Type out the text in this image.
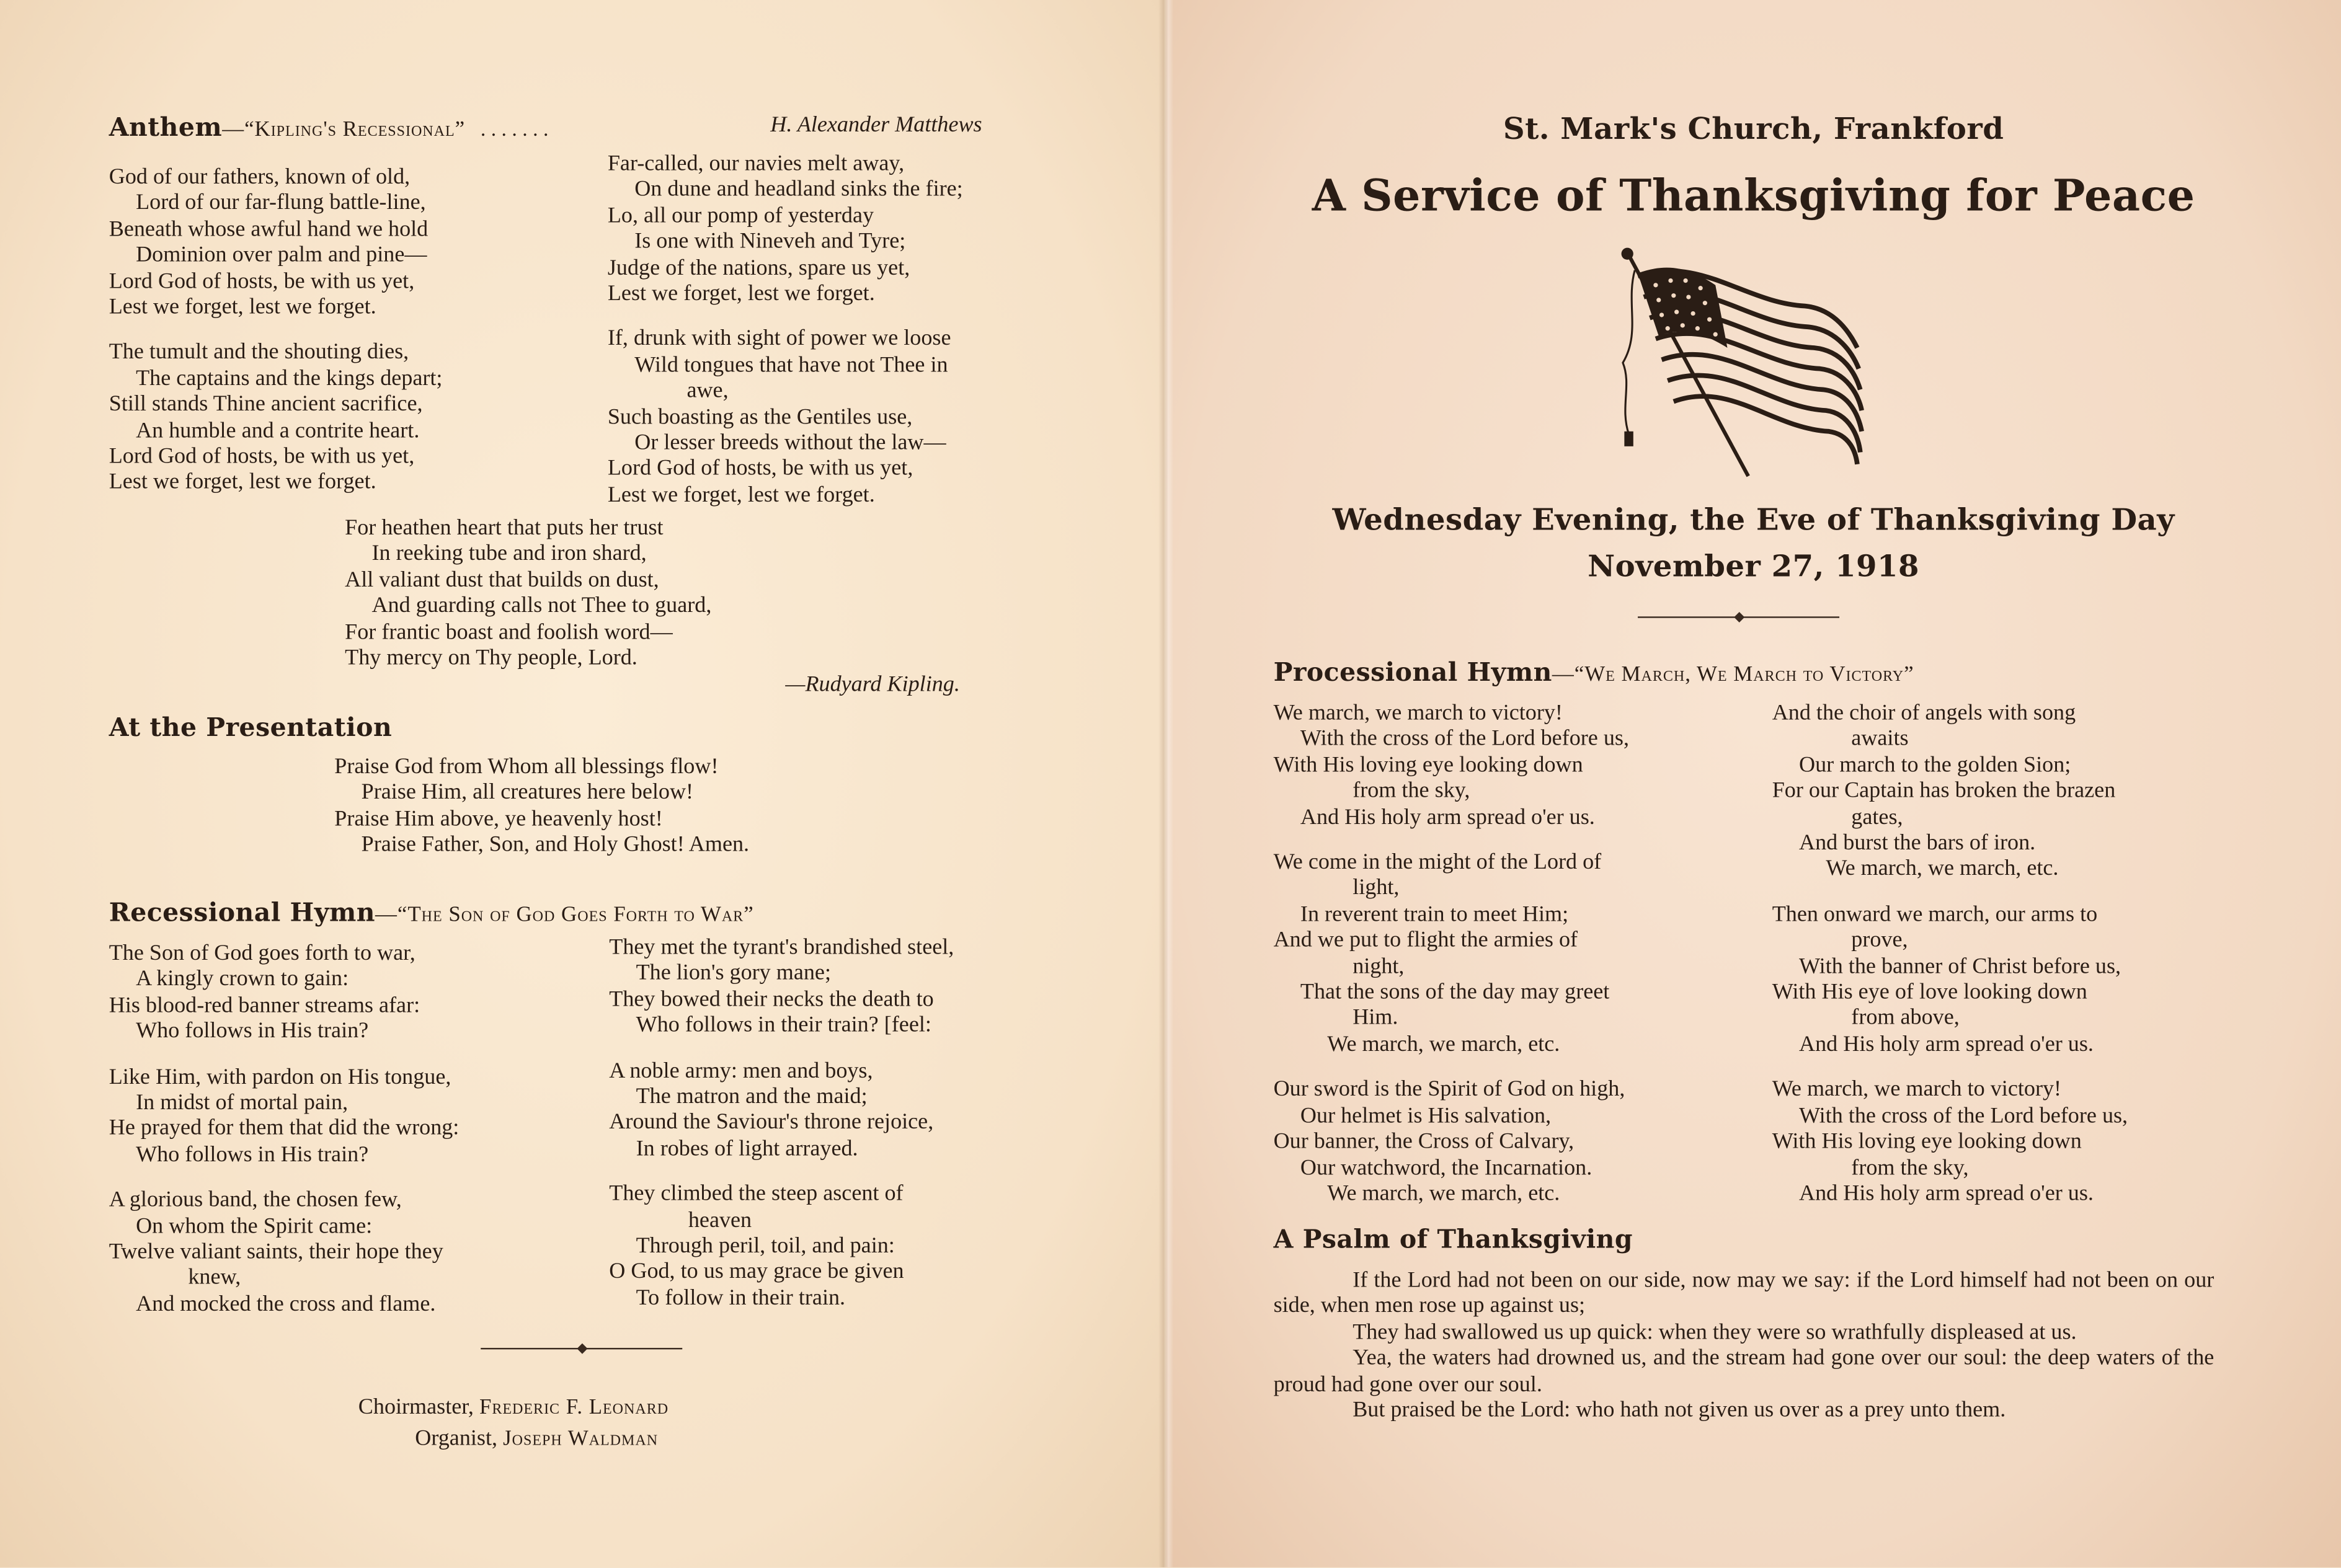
Anthem—“Kipling's Recessional” . . . . . . .	H. Alexander Matthews
God of our fathers, known of old,
Lord of our far-flung battle-line,
Beneath whose awful hand we hold
Dominion over palm and pine—
Lord God of hosts, be with us yet,
Lest we forget, lest we forget.
The tumult and the shouting dies,
The captains and the kings depart;
Still stands Thine ancient sacrifice,
An humble and a contrite heart.
Lord God of hosts, be with us yet,
Lest we forget, lest we forget.
Far-called, our navies melt away,
On dune and headland sinks the fire;
Lo, all our pomp of yesterday
Is one with Nineveh and Tyre;
Judge of the nations, spare us yet,
Lest we forget, lest we forget.
If, drunk with sight of power we loose
Wild tongues that have not Thee in
awe,
Such boasting as the Gentiles use,
Or lesser breeds without the law—
Lord God of hosts, be with us yet,
Lest we forget, lest we forget.
For heathen heart that puts her trust
In reeking tube and iron shard,
All valiant dust that builds on dust,
And guarding calls not Thee to guard,
For frantic boast and foolish word—
Thy mercy on Thy people, Lord.
—Rudyard Kipling.
At the Presentation
Praise God from Whom all blessings flow!
Praise Him, all creatures here below!
Praise Him above, ye heavenly host!
Praise Father, Son, and Holy Ghost! Amen.
Recessional Hymn—“The Son of God Goes Forth to War”
The Son of God goes forth to war,
A kingly crown to gain:
His blood-red banner streams afar:
Who follows in His train?
Like Him, with pardon on His tongue,
In midst of mortal pain,
He prayed for them that did the wrong:
Who follows in His train?
A glorious band, the chosen few,
On whom the Spirit came:
Twelve valiant saints, their hope they
knew,
And mocked the cross and flame.
They met the tyrant's brandished steel,
The lion's gory mane;
They bowed their necks the death to
Who follows in their train? [feel:
A noble army: men and boys,
The matron and the maid;
Around the Saviour's throne rejoice,
In robes of light arrayed.
They climbed the steep ascent of
heaven
Through peril, toil, and pain:
O God, to us may grace be given
To follow in their train.
Choirmaster, Frederic F. Leonard
Organist, Joseph Waldman
St. Mark's Church, Frankford
A Service of Thanksgiving for Peace
Wednesday Evening, the Eve of Thanksgiving Day
November 27, 1918
Processional Hymn—“We March, We March to Victory”
We march, we march to victory!
With the cross of the Lord before us,
With His loving eye looking down
from the sky,
And His holy arm spread o'er us.
We come in the might of the Lord of
light,
In reverent train to meet Him;
And we put to flight the armies of
night,
That the sons of the day may greet
Him.
We march, we march, etc.
Our sword is the Spirit of God on high,
Our helmet is His salvation,
Our banner, the Cross of Calvary,
Our watchword, the Incarnation.
We march, we march, etc.
And the choir of angels with song
awaits
Our march to the golden Sion;
For our Captain has broken the brazen
gates,
And burst the bars of iron.
We march, we march, etc.
Then onward we march, our arms to
prove,
With the banner of Christ before us,
With His eye of love looking down
from above,
And His holy arm spread o'er us.
We march, we march to victory!
With the cross of the Lord before us,
With His loving eye looking down
from the sky,
And His holy arm spread o'er us.
A Psalm of Thanksgiving

If the Lord had not been on our side, now may we say: if the Lord himself had not been on our side, when men rose up against us;

They had swallowed us up quick: when they were so wrathfully displeased at us.

Yea, the waters had drowned us, and the stream had gone over our soul: the deep waters of the proud had gone over our soul.

But praised be the Lord: who hath not given us over as a prey unto them.
